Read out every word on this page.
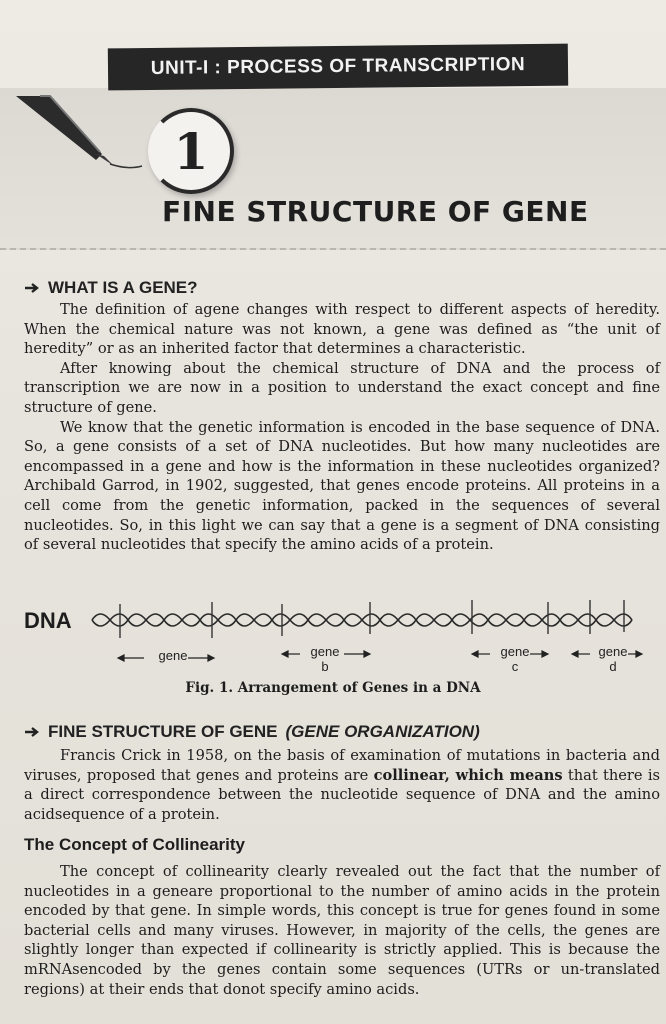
UNIT-I : PROCESS OF TRANSCRIPTION
1
FINE STRUCTURE OF GENE
WHAT IS A GENE?

The definition of agene changes with respect to different aspects of heredity. When the chemical nature was not known, a gene was defined as “the unit of heredity” or as an inherited factor that determines a characteristic.

After knowing about the chemical structure of DNA and the process of transcription we are now in a position to understand the exact concept and fine structure of gene.

We know that the genetic information is encoded in the base sequence of DNA. So, a gene consists of a set of DNA nucleotides. But how many nucleotides are encompassed in a gene and how is the information in these nucleotides organized? Archibald Garrod, in 1902, suggested, that genes encode proteins. All proteins in a cell come from the genetic information, packed in the sequences of several nucleotides. So, in this light we can say that a gene is a segment of DNA consisting of several nucleotides that specify the amino acids of a protein.

DNA
gene	gene
b
gene
c
gene
d
Fig. 1. Arrangement of Genes in a DNA
FINE STRUCTURE OF GENE (GENE ORGANIZATION)

Francis Crick in 1958, on the basis of examination of mutations in bacteria and viruses, proposed that genes and proteins are collinear, which means that there is a direct correspondence between the nucleotide sequence of DNA and the amino acidsequence of a protein.

The Concept of Collinearity

The concept of collinearity clearly revealed out the fact that the number of nucleotides in a geneare proportional to the number of amino acids in the protein encoded by that gene. In simple words, this concept is true for genes found in some bacterial cells and many viruses. However, in majority of the cells, the genes are slightly longer than expected if collinearity is strictly applied. This is because the mRNAsencoded by the genes contain some sequences (UTRs or un-translated regions) at their ends that donot specify amino acids.
